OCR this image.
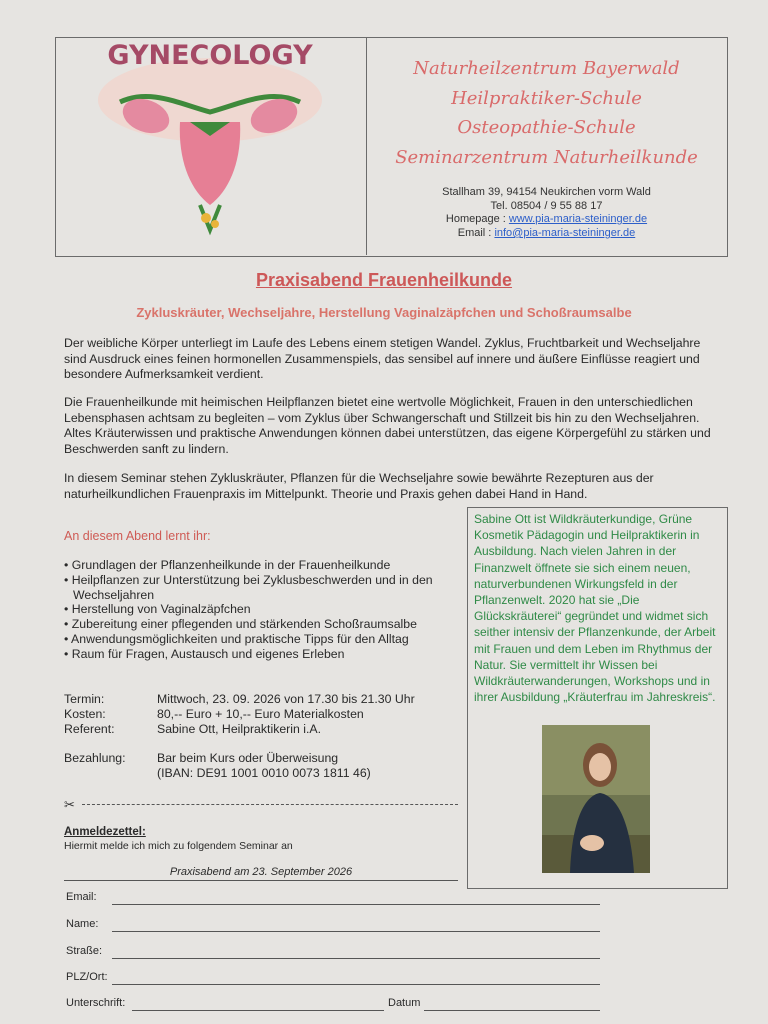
GYNECOLOGY	Naturheilzentrum Bayerwald
Heilpraktiker-Schule
Osteopathie-Schule
Seminarzentrum Naturheilkunde
Stallham 39, 94154 Neukirchen vorm Wald
Tel. 08504 / 9 55 88 17
Homepage : www.pia-maria-steininger.de
Email : info@pia-maria-steininger.de
Praxisabend Frauenheilkunde
Zykluskräuter, Wechseljahre, Herstellung Vaginalzäpfchen und Schoßraumsalbe
Der weibliche Körper unterliegt im Laufe des Lebens einem stetigen Wandel. Zyklus, Fruchtbarkeit und Wechseljahre sind Ausdruck eines feinen hormonellen Zusammenspiels, das sensibel auf innere und äußere Einflüsse reagiert und besondere Aufmerksamkeit verdient.
Die Frauenheilkunde mit heimischen Heilpflanzen bietet eine wertvolle Möglichkeit, Frauen in den unterschiedlichen Lebensphasen achtsam zu begleiten – vom Zyklus über Schwangerschaft und Stillzeit bis hin zu den Wechseljahren. Altes Kräuterwissen und praktische Anwendungen können dabei unterstützen, das eigene Körpergefühl zu stärken und Beschwerden sanft zu lindern.
In diesem Seminar stehen Zykluskräuter, Pflanzen für die Wechseljahre sowie bewährte Rezepturen aus der naturheilkundlichen Frauenpraxis im Mittelpunkt. Theorie und Praxis gehen dabei Hand in Hand.
An diesem Abend lernt ihr:
• Grundlagen der Pflanzenheilkunde in der Frauenheilkunde
• Heilpflanzen zur Unterstützung bei Zyklusbeschwerden und in den Wechseljahren
• Herstellung von Vaginalzäpfchen
• Zubereitung einer pflegenden und stärkenden Schoßraumsalbe
• Anwendungsmöglichkeiten und praktische Tipps für den Alltag
• Raum für Fragen, Austausch und eigenes Erleben
Termin:	Mittwoch, 23. 09. 2026 von 17.30 bis 21.30 Uhr
Kosten:	80,-- Euro + 10,-- Euro Materialkosten
Referent:	Sabine Ott, Heilpraktikerin i.A.
Bezahlung:	Bar beim Kurs oder Überweisung
(IBAN: DE91 1001 0010 0073 1811 46)
✂
Anmeldezettel:
Hiermit melde ich mich zu folgendem Seminar an
Praxisabend am 23. September 2026
Email:
Name:
Straße:
PLZ/Ort:
Unterschrift:	Datum
Sabine Ott ist Wildkräuterkundige, Grüne Kosmetik Pädagogin und Heilpraktikerin in Ausbildung. Nach vielen Jahren in der Finanzwelt öffnete sie sich einem neuen, naturverbundenen Wirkungsfeld in der Pflanzenwelt. 2020 hat sie „Die Glückskräuterei“ gegründet und widmet sich seither intensiv der Pflanzenkunde, der Arbeit mit Frauen und dem Leben im Rhythmus der Natur. Sie vermittelt ihr Wissen bei Wildkräuterwanderungen, Workshops und in ihrer Ausbildung „Kräuterfrau im Jahreskreis“.
